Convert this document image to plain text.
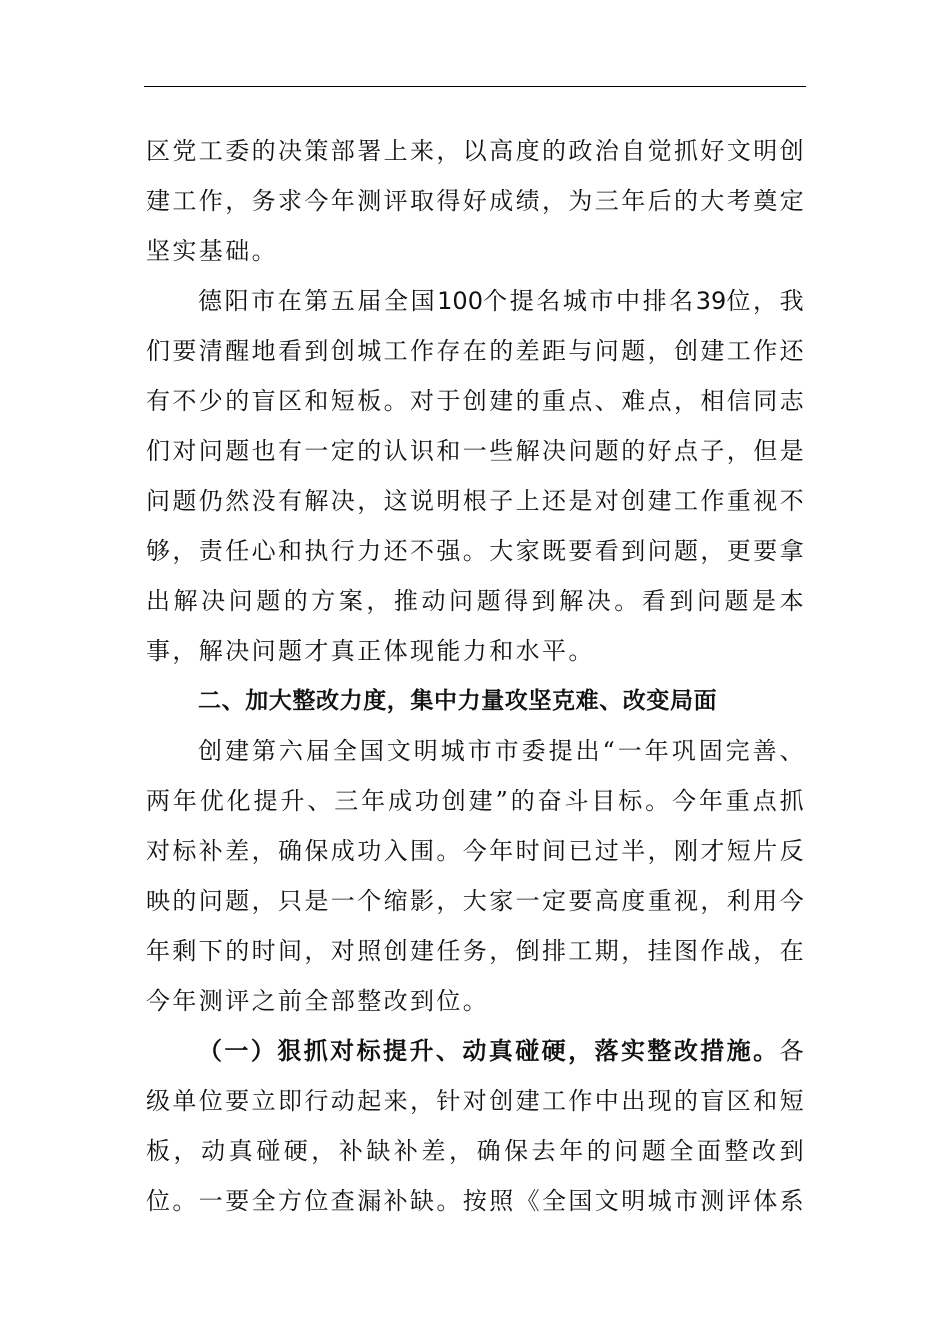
区党工委的决策部署上来，以高度的政治自觉抓好文明创建工作，务求今年测评取得好成绩，为三年后的大考奠定坚实基础。

德阳市在第五届全国100个提名城市中排名39位，我们要清醒地看到创城工作存在的差距与问题，创建工作还有不少的盲区和短板。对于创建的重点、难点，相信同志们对问题也有一定的认识和一些解决问题的好点子，但是问题仍然没有解决，这说明根子上还是对创建工作重视不够，责任心和执行力还不强。大家既要看到问题，更要拿出解决问题的方案，推动问题得到解决。看到问题是本事，解决问题才真正体现能力和水平。

二、加大整改力度，集中力量攻坚克难、改变局面

创建第六届全国文明城市市委提出“一年巩固完善、两年优化提升、三年成功创建”的奋斗目标。今年重点抓对标补差，确保成功入围。今年时间已过半，刚才短片反映的问题，只是一个缩影，大家一定要高度重视，利用今年剩下的时间，对照创建任务，倒排工期，挂图作战，在今年测评之前全部整改到位。

（一）狠抓对标提升、动真碰硬，落实整改措施。各级单位要立即行动起来，针对创建工作中出现的盲区和短板，动真碰硬，补缺补差，确保去年的问题全面整改到位。一要全方位查漏补缺。按照《全国文明城市测评体系
